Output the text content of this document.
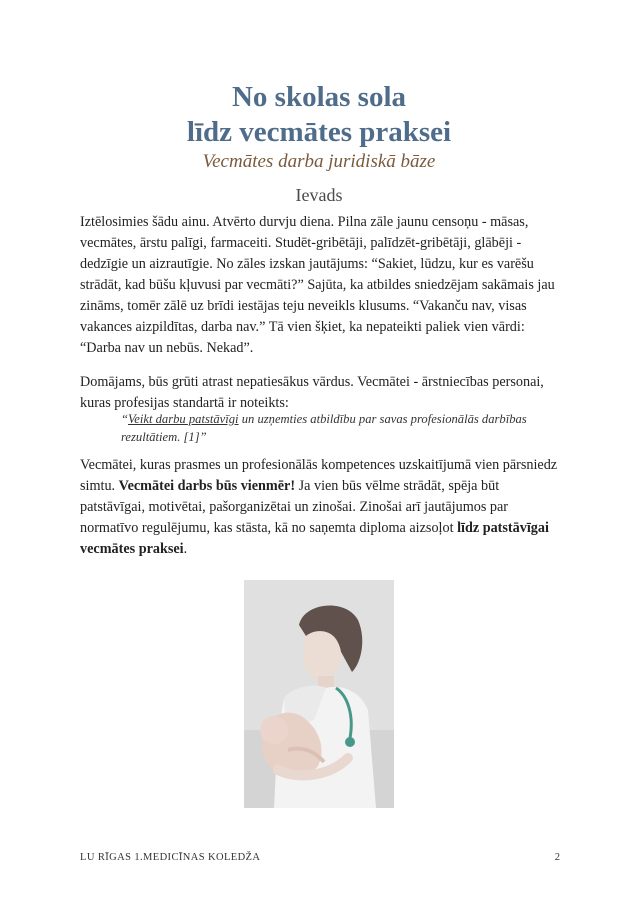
No skolas sola
līdz vecmātes praksei

Vecmātes darba juridiskā bāze

Ievads

Iztēlosimies šādu ainu. Atvērto durvju diena. Pilna zāle jaunu censoņu - māsas, vecmātes, ārstu palīgi, farmaceiti. Studēt-gribētāji, palīdzēt-gribētāji, glābēji - dedzīgie un aizrautīgie. No zāles izskan jautājums: “Sakiet, lūdzu, kur es varēšu strādāt, kad būšu kļuvusi par vecmāti?” Sajūta, ka atbildes sniedzējam sakāmais jau zināms, tomēr zālē uz brīdi iestājas teju neveikls klusums. “Vakanču nav, visas vakances aizpildītas, darba nav.” Tā vien šķiet, ka nepateikti paliek vien vārdi: “Darba nav un nebūs. Nekad”.

Domājams, būs grūti atrast nepatiesākus vārdus. Vecmātei - ārstniecības personai, kuras profesijas standartā ir noteikts:

“Veikt darbu patstāvīgi un uzņemties atbildību par savas profesionālās darbības rezultātiem. [1]”

Vecmātei, kuras prasmes un profesionālās kompetences uzskaitījumā vien pārsniedz simtu. Vecmātei darbs būs vienmēr! Ja vien būs vēlme strādāt, spēja būt patstāvīgai, motivētai, pašorganizētai un zinošai. Zinošai arī jautājumos par normatīvo regulējumu, kas stāsta, kā no saņemta diploma aizsoļot līdz patstāvīgai vecmātes praksei.

LU RĪGAS 1.MEDICĪNAS KOLEDŽA	2
